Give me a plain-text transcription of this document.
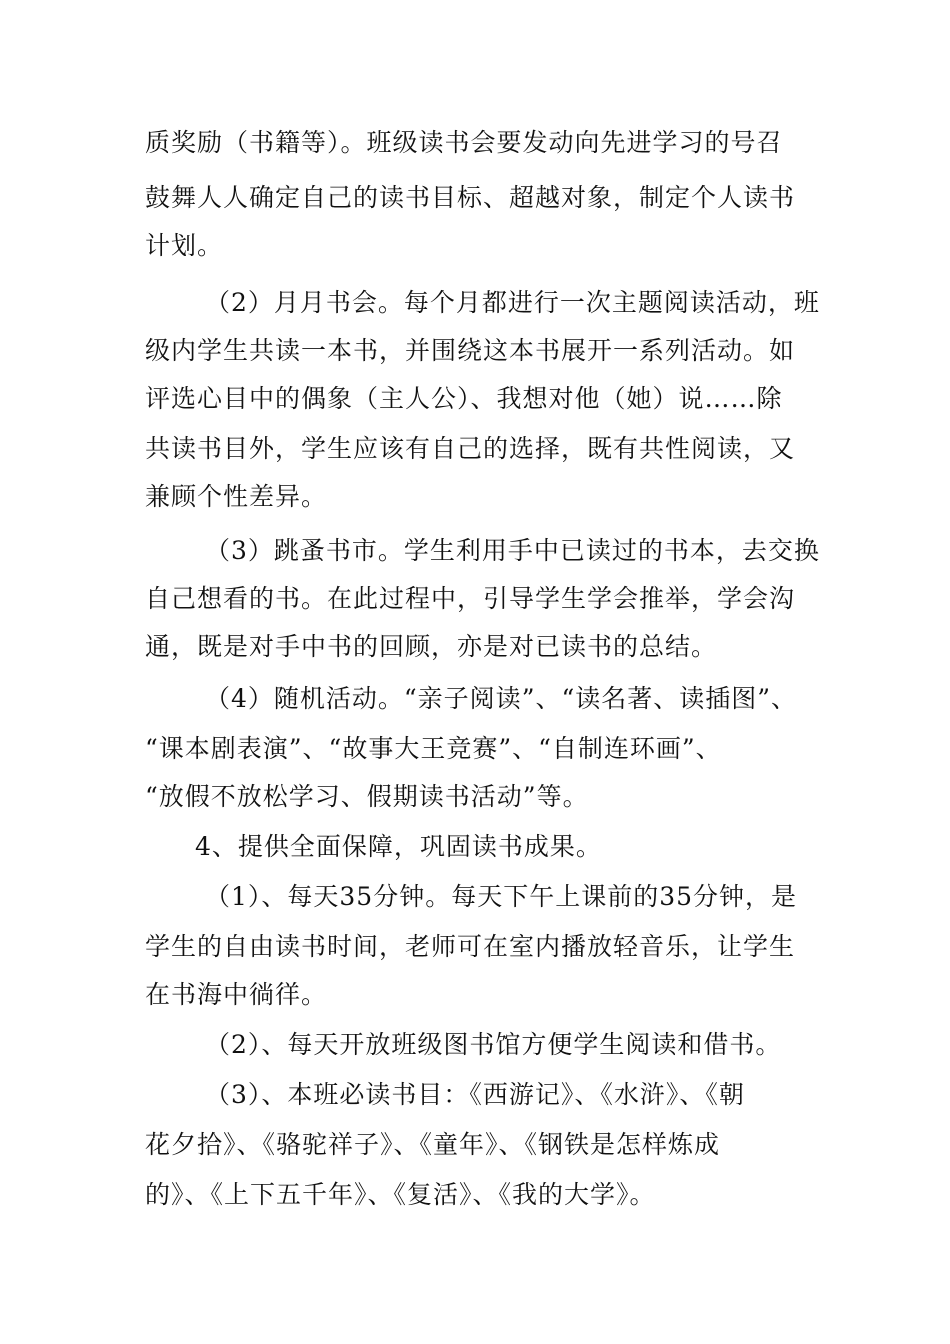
质奖励（书籍等）。班级读书会要发动向先进学习的号召
鼓舞人人确定自己的读书目标、超越对象，制定个人读书
计划。
（2）月月书会。每个月都进行一次主题阅读活动，班
级内学生共读一本书，并围绕这本书展开一系列活动。如
评选心目中的偶象（主人公）、我想对他（她）说……除
共读书目外，学生应该有自己的选择，既有共性阅读，又
兼顾个性差异。
（3）跳蚤书市。学生利用手中已读过的书本，去交换
自己想看的书。在此过程中，引导学生学会推举，学会沟
通，既是对手中书的回顾，亦是对已读书的总结。
（4）随机活动。“亲子阅读”、“读名著、读插图”、
“课本剧表演”、“故事大王竞赛”、“自制连环画”、
“放假不放松学习、假期读书活动”等。
4、提供全面保障，巩固读书成果。
（1）、每天35分钟。每天下午上课前的35分钟，是
学生的自由读书时间，老师可在室内播放轻音乐，让学生
在书海中徜徉。
（2）、每天开放班级图书馆方便学生阅读和借书。
（3）、本班必读书目：《西游记》、《水浒》、《朝
花夕拾》、《骆驼祥子》、《童年》、《钢铁是怎样炼成
的》、《上下五千年》、《复活》、《我的大学》。
